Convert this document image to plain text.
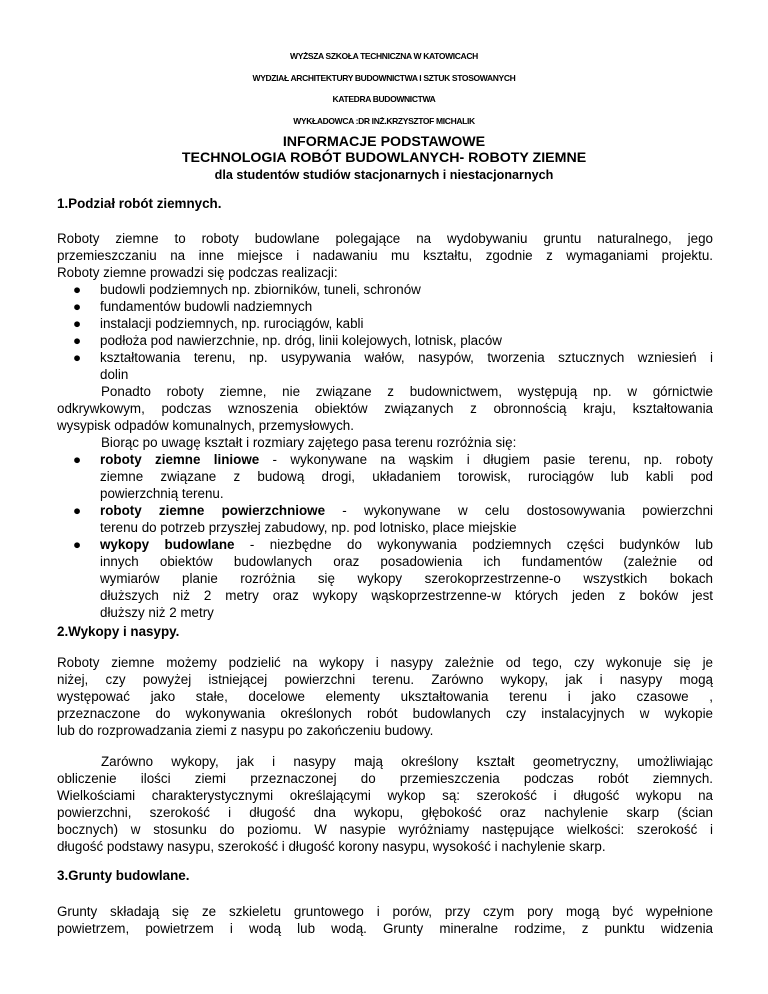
WYŻSZA SZKOŁA TECHNICZNA W KATOWICACH
WYDZIAŁ ARCHITEKTURY BUDOWNICTWA I SZTUK STOSOWANYCH
KATEDRA BUDOWNICTWA
WYKŁADOWCA :DR INŻ.KRZYSZTOF MICHALIK
INFORMACJE PODSTAWOWE
TECHNOLOGIA ROBÓT BUDOWLANYCH- ROBOTY ZIEMNE
dla studentów studiów stacjonarnych i niestacjonarnych
1.Podział robót ziemnych.
Roboty ziemne to roboty budowlane polegające na wydobywaniu gruntu naturalnego, jego
przemieszczaniu na inne miejsce i nadawaniu mu kształtu, zgodnie z wymaganiami projektu.
Roboty ziemne prowadzi się podczas realizacji:
● budowli podziemnych np. zbiorników, tuneli, schronów
● fundamentów budowli nadziemnych
● instalacji podziemnych, np. rurociągów, kabli
● podłoża pod nawierzchnie, np. dróg, linii kolejowych, lotnisk, placów
● kształtowania terenu, np. usypywania wałów, nasypów, tworzenia sztucznych wzniesień i
dolin
Ponadto roboty ziemne, nie związane z budownictwem, występują np. w górnictwie
odkrywkowym, podczas wznoszenia obiektów związanych z obronnością kraju, kształtowania
wysypisk odpadów komunalnych, przemysłowych.
Biorąc po uwagę kształt i rozmiary zajętego pasa terenu rozróżnia się:
● roboty ziemne liniowe - wykonywane na wąskim i długiem pasie terenu, np. roboty
ziemne związane z budową drogi, układaniem torowisk, rurociągów lub kabli pod
powierzchnią terenu.
● roboty ziemne powierzchniowe - wykonywane w celu dostosowywania powierzchni
terenu do potrzeb przyszłej zabudowy, np. pod lotnisko, place miejskie
● wykopy budowlane - niezbędne do wykonywania podziemnych części budynków lub
innych obiektów budowlanych oraz posadowienia ich fundamentów (zależnie od
wymiarów planie rozróżnia się wykopy szerokoprzestrzenne-o wszystkich bokach
dłuższych niż 2 metry oraz wykopy wąskoprzestrzenne-w których jeden z boków jest
dłuższy niż 2 metry
2.Wykopy i nasypy.
Roboty ziemne możemy podzielić na wykopy i nasypy zależnie od tego, czy wykonuje się je
niżej, czy powyżej istniejącej powierzchni terenu. Zarówno wykopy, jak i nasypy mogą
występować jako stałe, docelowe elementy ukształtowania terenu i jako czasowe ,
przeznaczone do wykonywania określonych robót budowlanych czy instalacyjnych w wykopie
lub do rozprowadzania ziemi z nasypu po zakończeniu budowy.
Zarówno wykopy, jak i nasypy mają określony kształt geometryczny, umożliwiając
obliczenie ilości ziemi przeznaczonej do przemieszczenia podczas robót ziemnych.
Wielkościami charakterystycznymi określającymi wykop są: szerokość i długość wykopu na
powierzchni, szerokość i długość dna wykopu, głębokość oraz nachylenie skarp (ścian
bocznych) w stosunku do poziomu. W nasypie wyróżniamy następujące wielkości: szerokość i
długość podstawy nasypu, szerokość i długość korony nasypu, wysokość i nachylenie skarp.
3.Grunty budowlane.
Grunty składają się ze szkieletu gruntowego i porów, przy czym pory mogą być wypełnione
powietrzem, powietrzem i wodą lub wodą. Grunty mineralne rodzime, z punktu widzenia
